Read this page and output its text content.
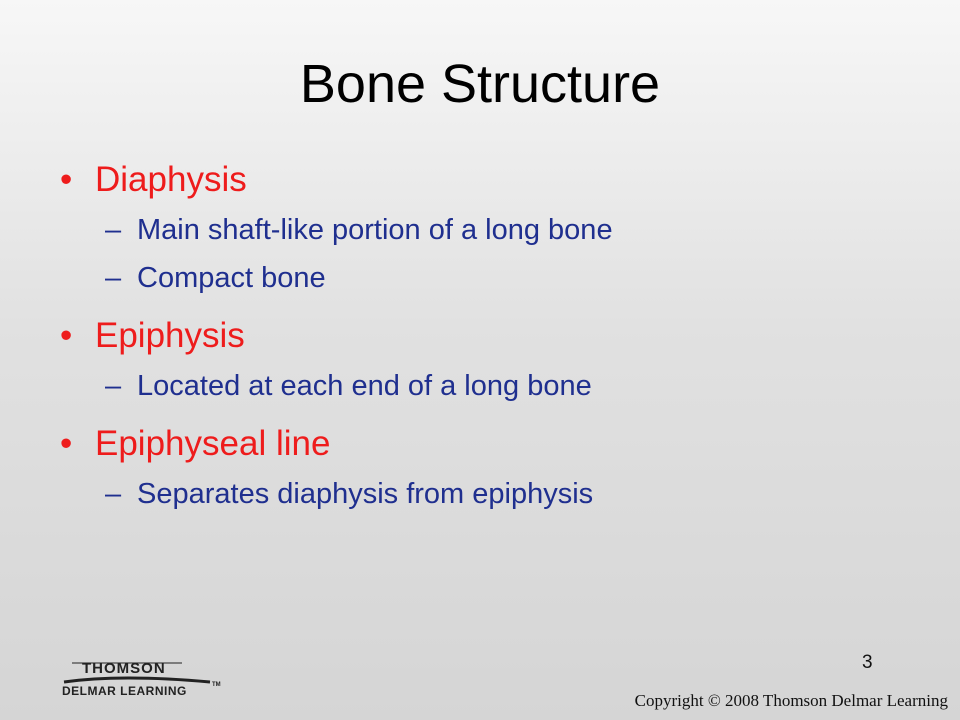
Bone Structure
• Diaphysis
– Main shaft-like portion of a long bone
– Compact bone
• Epiphysis
– Located at each end of a long bone
• Epiphyseal line
– Separates diaphysis from epiphysis
3
THOMSON
DELMAR LEARNING	TM
Copyright © 2008 Thomson Delmar Learning
